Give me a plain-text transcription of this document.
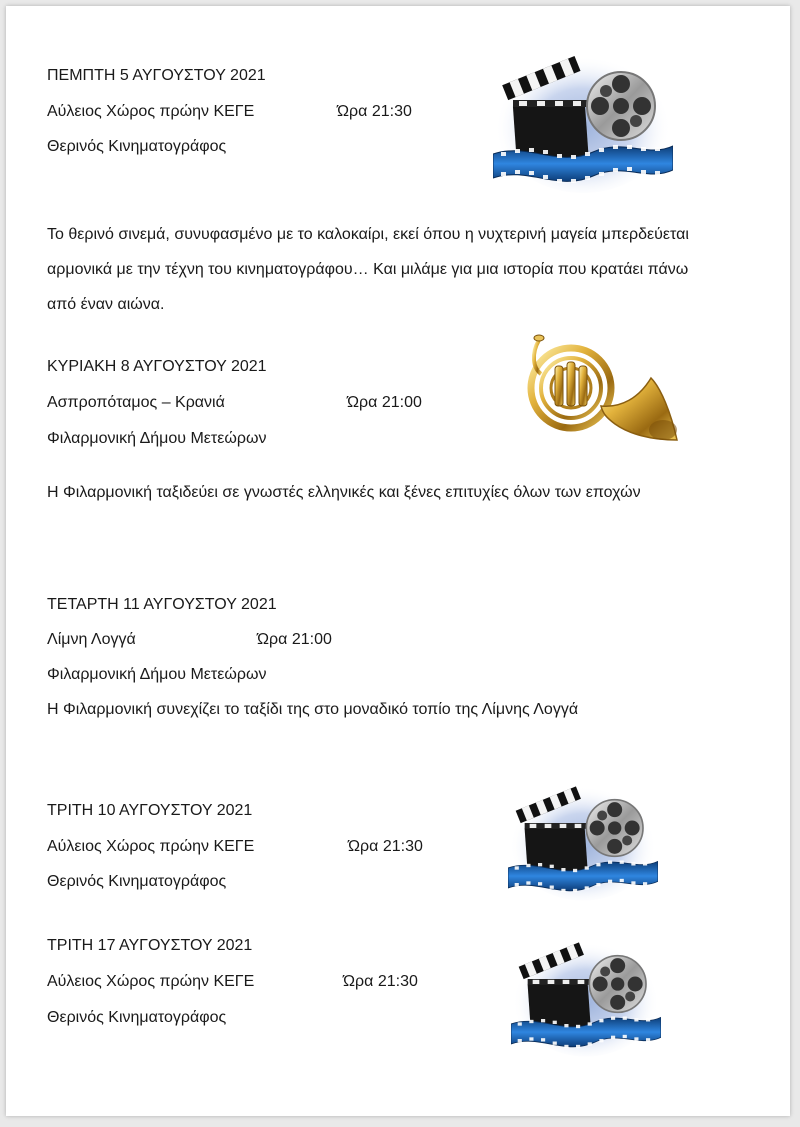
ΠΕΜΠΤΗ 5 ΑΥΓΟΥΣΤΟΥ 2021
Αύλειος Χώρος πρώην ΚΕΓΕ	Ώρα 21:30
Θερινός Κινηματογράφος
Το θερινό σινεμά, συνυφασμένο με το καλοκαίρι, εκεί όπου η νυχτερινή μαγεία μπερδεύεται
αρμονικά με την τέχνη του κινηματογράφου… Και μιλάμε για μια ιστορία που κρατάει πάνω
από έναν αιώνα.
ΚΥΡΙΑΚΗ 8 ΑΥΓΟΥΣΤΟΥ 2021
Ασπροπόταμος – Κρανιά	Ώρα 21:00
Φιλαρμονική Δήμου Μετεώρων
Η Φιλαρμονική ταξιδεύει σε γνωστές ελληνικές και ξένες επιτυχίες όλων των εποχών
ΤΕΤΑΡΤΗ 11 ΑΥΓΟΥΣΤΟΥ 2021
Λίμνη Λογγά	Ώρα 21:00
Φιλαρμονική Δήμου Μετεώρων
Η Φιλαρμονική συνεχίζει το ταξίδι της στο μοναδικό τοπίο της Λίμνης Λογγά
ΤΡΙΤΗ 10 ΑΥΓΟΥΣΤΟΥ 2021
Αύλειος Χώρος πρώην ΚΕΓΕ	Ώρα 21:30
Θερινός Κινηματογράφος
ΤΡΙΤΗ 17 ΑΥΓΟΥΣΤΟΥ 2021
Αύλειος Χώρος πρώην ΚΕΓΕ	Ώρα 21:30
Θερινός Κινηματογράφος
